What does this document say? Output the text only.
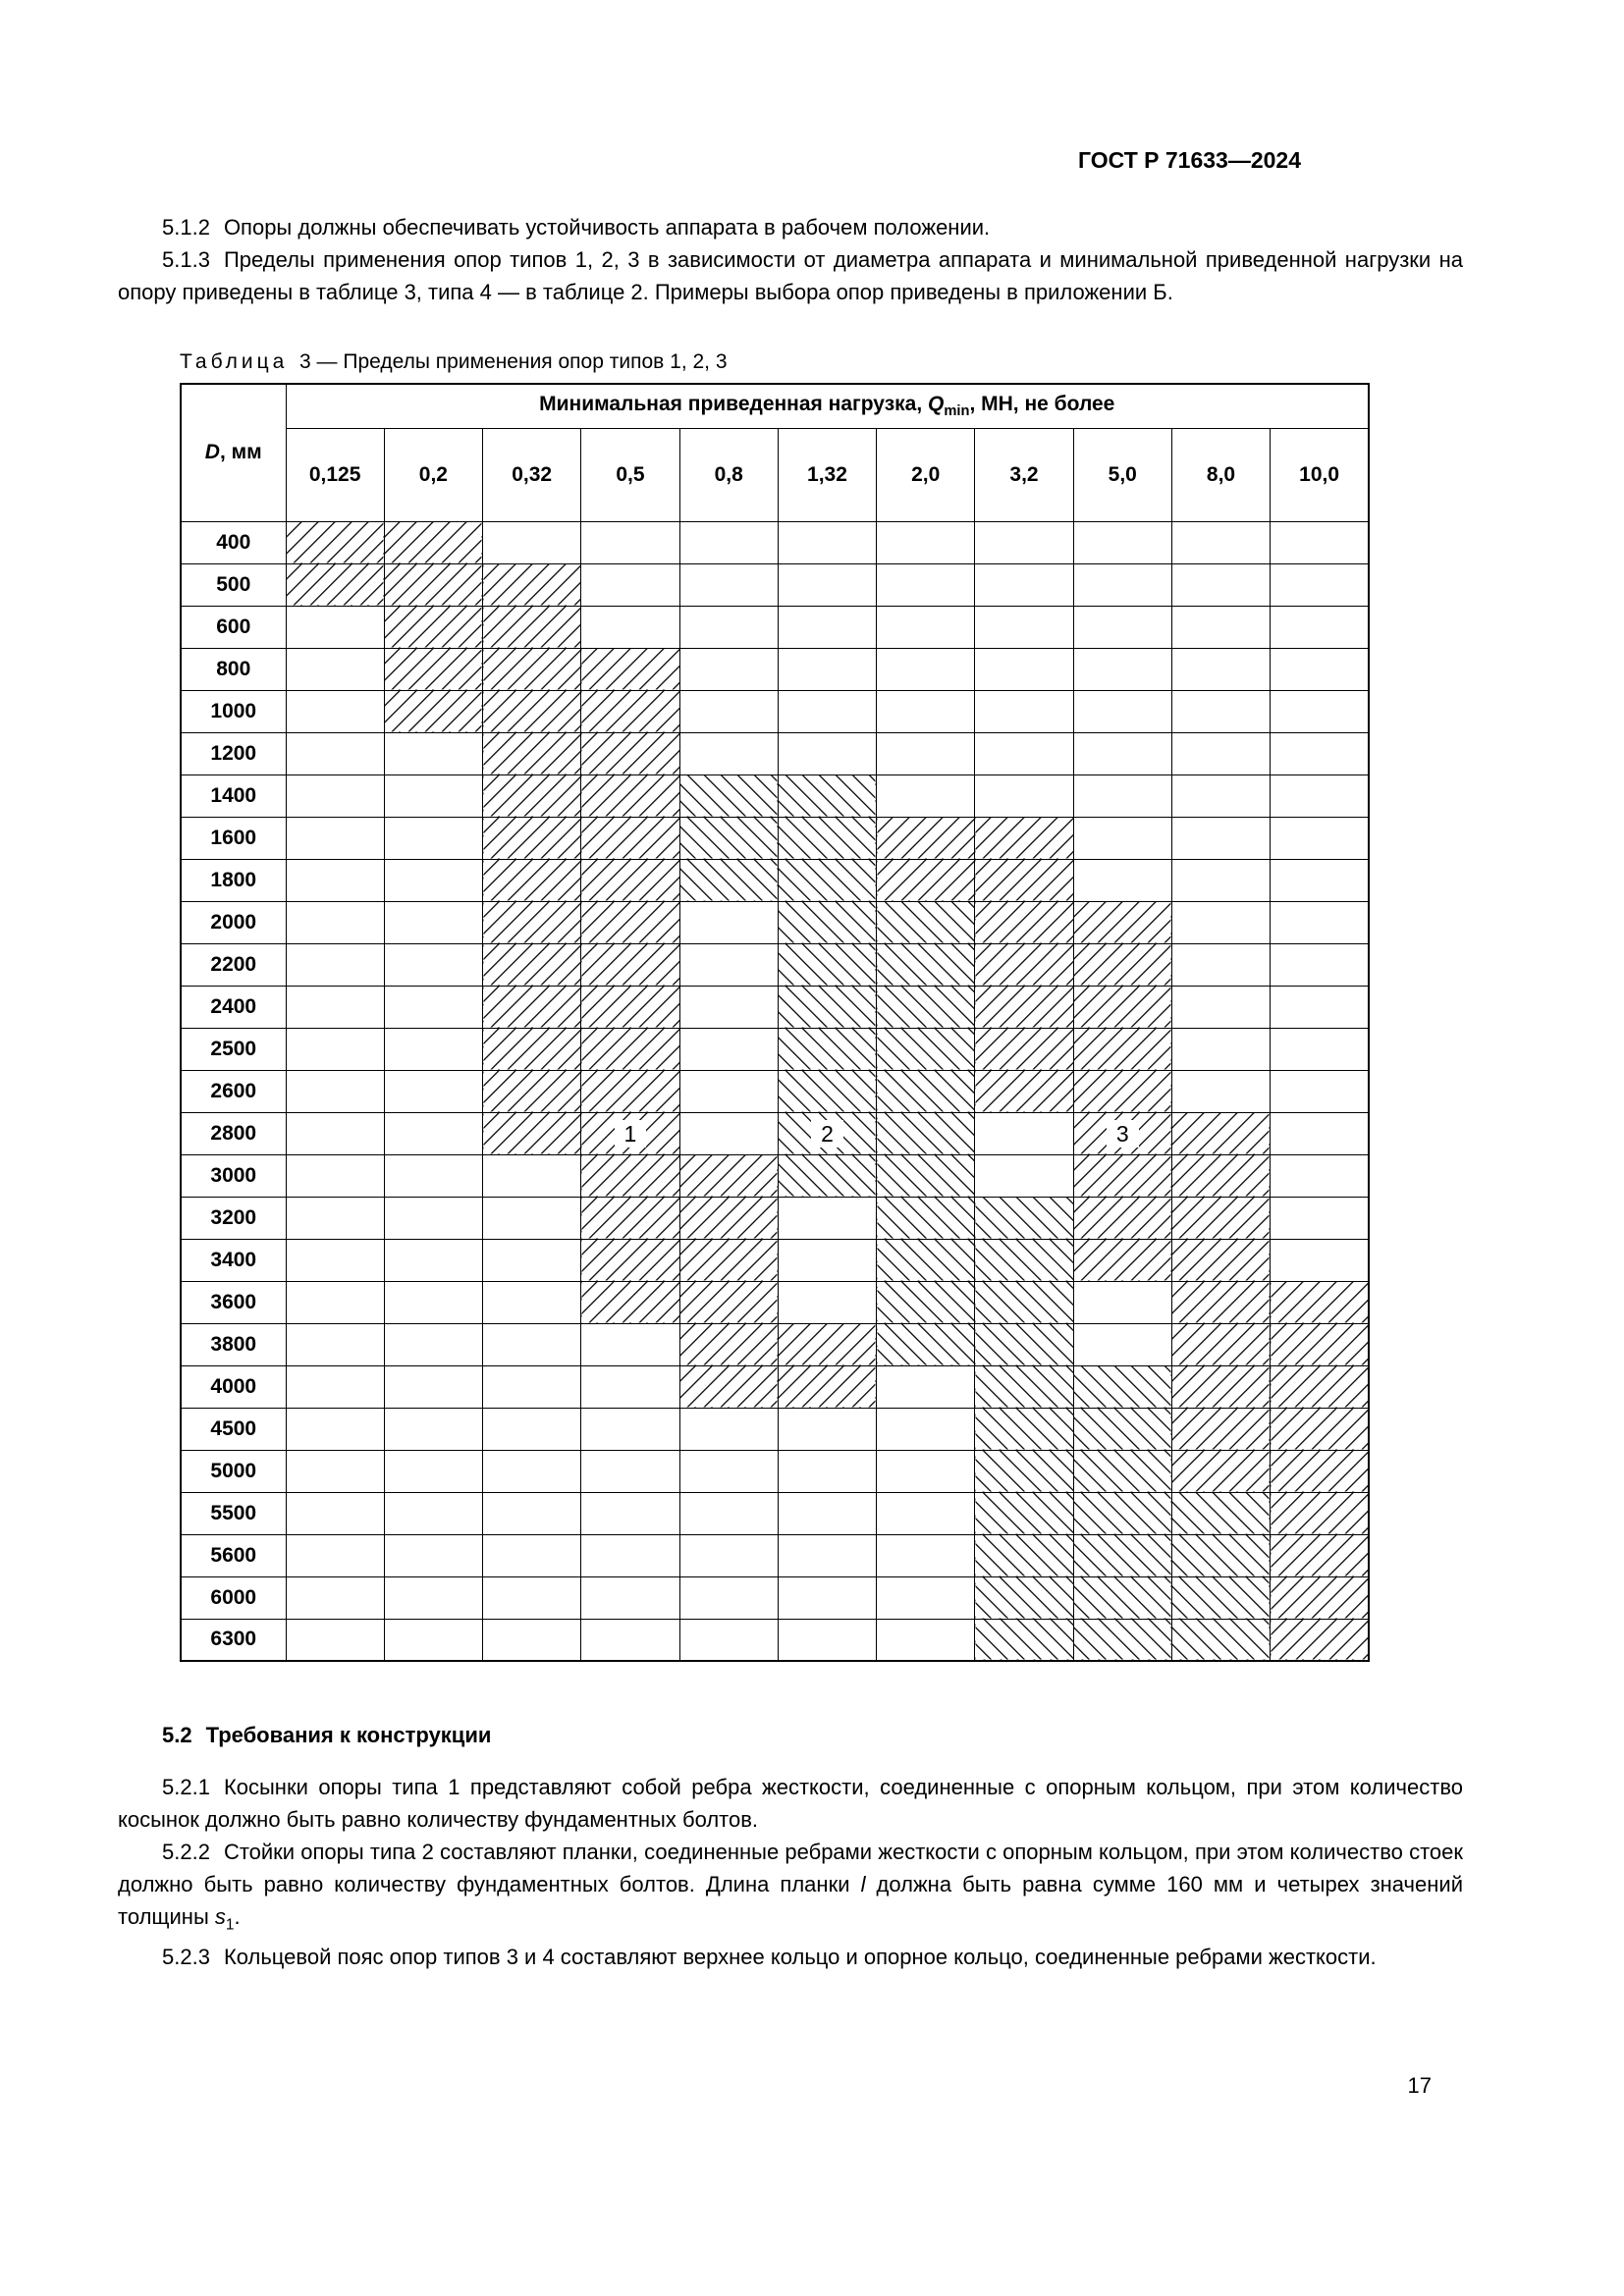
ГОСТ Р 71633—2024

5.1.2 Опоры должны обеспечивать устойчивость аппарата в рабочем положении.

5.1.3 Пределы применения опор типов 1, 2, 3 в зависимости от диаметра аппарата и минимальной приведенной нагрузки на опору приведены в таблице 3, типа 4 — в таблице 2. Примеры выбора опор приведены в приложении Б.

Таблица 3 — Пределы применения опор типов 1, 2, 3

D, мм	Минимальная приведенная нагрузка, $Q_{min}$, МН, не более										
	0,125	0,2	0,32	0,5	0,8	1,32	2,0	3,2	5,0	8,0	10,0
400											
500											
600											
800											
1000											
1200											
1400											
1600											
1800											
2000											
2200											
2400											
2500											
2600											
2800				1		2			3		
3000											
3200											
3400											
3600											
3800											
4000											
4500											
5000											
5500											
5600											
6000											
6300											

5.2 Требования к конструкции

5.2.1 Косынки опоры типа 1 представляют собой ребра жесткости, соединенные с опорным кольцом, при этом количество косынок должно быть равно количеству фундаментных болтов.

5.2.2 Стойки опоры типа 2 составляют планки, соединенные ребрами жесткости с опорным кольцом, при этом количество стоек должно быть равно количеству фундаментных болтов. Длина планки l должна быть равна сумме 160 мм и четырех значений толщины $s_1$.

5.2.3 Кольцевой пояс опор типов 3 и 4 составляют верхнее кольцо и опорное кольцо, соединенные ребрами жесткости.

17
